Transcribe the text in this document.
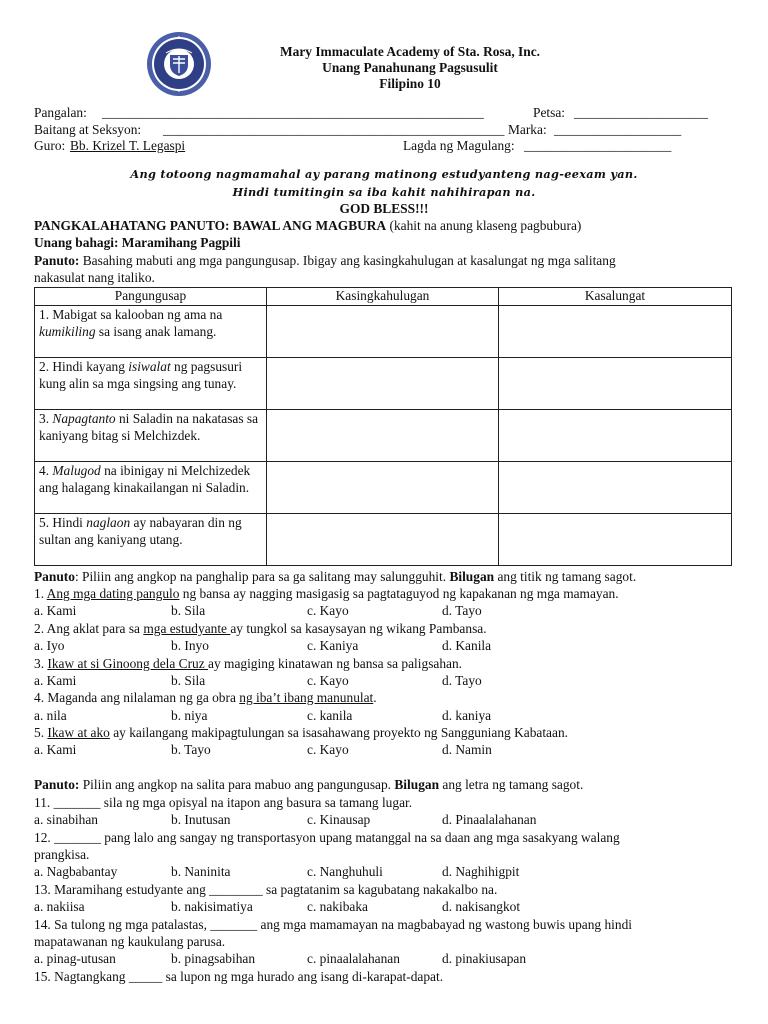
Mary Immaculate Academy of Sta. Rosa, Inc.
Unang Panahunang Pagsusulit
Filipino 10
Pangalan: _________________________________________________________	Petsa: ____________________
Baitang at Seksyon: ___________________________________________________ Marka: ___________________
Guro: Bb. Krizel T. Legaspi	Lagda ng Magulang: ______________________
Ang totoong nagmamahal ay parang matinong estudyanteng nag-eexam yan.
Hindi tumitingin sa iba kahit nahihirapan na.
GOD BLESS!!!
PANGKALAHATANG PANUTO: BAWAL ANG MAGBURA (kahit na anung klaseng pagbubura)
Unang bahagi: Maramihang Pagpili
Panuto: Basahing mabuti ang mga pangungusap. Ibigay ang kasingkahulugan at kasalungat ng mga salitang
nakasulat nang italiko.
Pangungusap	Kasingkahulugan	Kasalungat
1. Mabigat sa kalooban ng ama na kumikiling sa isang anak lamang.		
2. Hindi kayang isiwalat ng pagsusuri kung alin sa mga singsing ang tunay.		
3. Napagtanto ni Saladin na nakatasas sa kaniyang bitag si Melchizdek.		
4. Malugod na ibinigay ni Melchizedek ang halagang kinakailangan ni Saladin.		
5. Hindi naglaon ay nabayaran din ng sultan ang kaniyang utang.		
Panuto: Piliin ang angkop na panghalip para sa ga salitang may salungguhit. Bilugan ang titik ng tamang sagot.
1. Ang mga dating pangulo ng bansa ay nagging masigasig sa pagtataguyod ng kapakanan ng mga mamayan.
a. Kami	b. Sila	c. Kayo	d. Tayo
2. Ang aklat para sa mga estudyante ay tungkol sa kasaysayan ng wikang Pambansa.
a. Iyo	b. Inyo	c. Kaniya	d. Kanila
3. Ikaw at si Ginoong dela Cruz ay magiging kinatawan ng bansa sa paligsahan.
a. Kami	b. Sila	c. Kayo	d. Tayo
4. Maganda ang nilalaman ng ga obra ng iba’t ibang manunulat.
a. nila	b. niya	c. kanila	d. kaniya
5. Ikaw at ako ay kailangang makipagtulungan sa isasahawang proyekto ng Sangguniang Kabataan.
a. Kami	b. Tayo	c. Kayo	d. Namin
Panuto: Piliin ang angkop na salita para mabuo ang pangungusap. Bilugan ang letra ng tamang sagot.
11. _______ sila ng mga opisyal na itapon ang basura sa tamang lugar.
a. sinabihan	b. Inutusan	c. Kinausap	d. Pinaalalahanan
12. _______ pang lalo ang sangay ng transportasyon upang matanggal na sa daan ang mga sasakyang walang
prangkisa.
a. Nagbabantay	b. Naninita	c. Nanghuhuli	d. Naghihigpit
13. Maramihang estudyante ang ________ sa pagtatanim sa kagubatang nakakalbo na.
a. nakiisa	b. nakisimatiya	c. nakibaka	d. nakisangkot
14. Sa tulong ng mga patalastas, _______ ang mga mamamayan na magbabayad ng wastong buwis upang hindi
mapatawanan ng kaukulang parusa.
a. pinag-utusan	b. pinagsabihan	c. pinaalalahanan	d. pinakiusapan
15. Nagtangkang _____ sa lupon ng mga hurado ang isang di-karapat-dapat.
